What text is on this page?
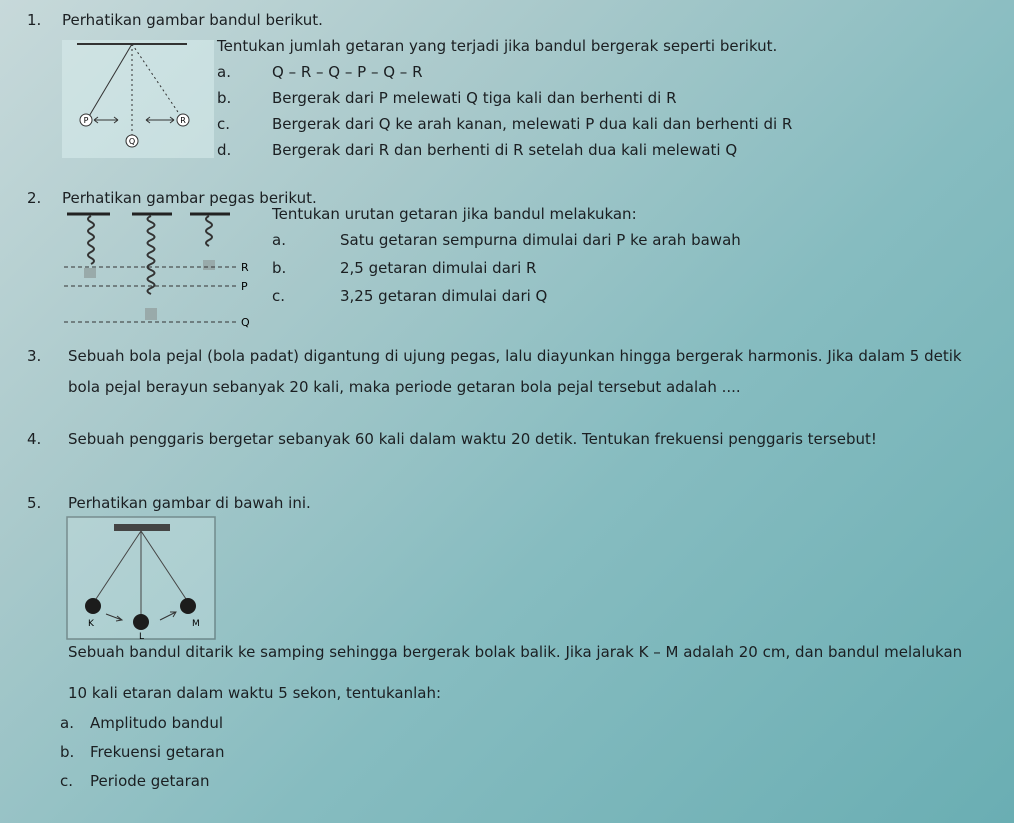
1. Perhatikan gambar bandul berikut.
P
Q
R
Tentukan jumlah getaran yang terjadi jika bandul bergerak seperti berikut.
a.	Q – R – Q – P – Q – R
b.	Bergerak dari P melewati Q tiga kali dan berhenti di R
c.	Bergerak dari Q ke arah kanan, melewati P dua kali dan berhenti di R
d.	Bergerak dari R dan berhenti di R setelah dua kali melewati Q
2. Perhatikan gambar pegas berikut.
R
P
Q
Tentukan urutan getaran jika bandul melakukan:
a.	Satu getaran sempurna dimulai dari P ke arah bawah
b.	2,5 getaran dimulai dari R
c.	3,25 getaran dimulai dari Q
3. Sebuah bola pejal (bola padat) digantung di ujung pegas, lalu diayunkan hingga bergerak harmonis. Jika dalam 5 detik
bola pejal berayun sebanyak 20 kali, maka periode getaran bola pejal tersebut adalah ....
4. Sebuah penggaris bergetar sebanyak 60 kali dalam waktu 20 detik. Tentukan frekuensi penggaris tersebut!
5. Perhatikan gambar di bawah ini.
K
L
M
Sebuah bandul ditarik ke samping sehingga bergerak bolak balik. Jika jarak K – M adalah 20 cm, dan bandul melalukan
10 kali etaran dalam waktu 5 sekon, tentukanlah:
a. Amplitudo bandul
b. Frekuensi getaran
c. Periode getaran
